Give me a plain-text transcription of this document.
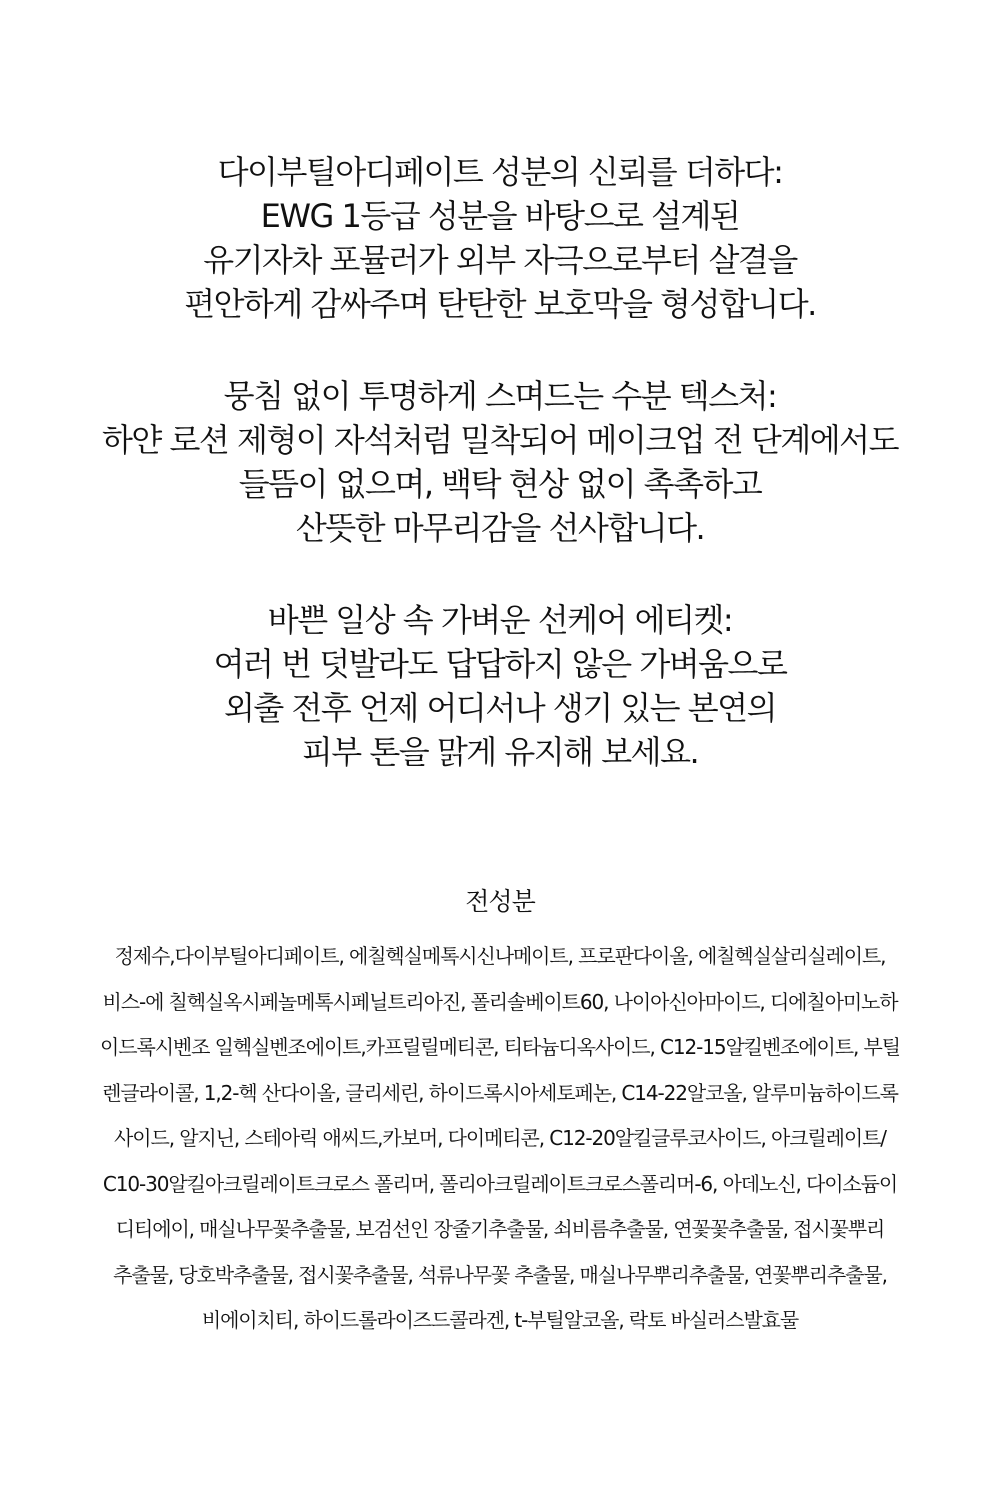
다이부틸아디페이트 성분의 신뢰를 더하다:
EWG 1등급 성분을 바탕으로 설계된
유기자차 포뮬러가 외부 자극으로부터 살결을
편안하게 감싸주며 탄탄한 보호막을 형성합니다.
뭉침 없이 투명하게 스며드는 수분 텍스처:
하얀 로션 제형이 자석처럼 밀착되어 메이크업 전 단계에서도
들뜸이 없으며, 백탁 현상 없이 촉촉하고
산뜻한 마무리감을 선사합니다.
바쁜 일상 속 가벼운 선케어 에티켓:
여러 번 덧발라도 답답하지 않은 가벼움으로
외출 전후 언제 어디서나 생기 있는 본연의
피부 톤을 맑게 유지해 보세요.
전성분
정제수,다이부틸아디페이트, 에칠헥실메톡시신나메이트, 프로판다이올, 에칠헥실살리실레이트,
비스-에 칠헥실옥시페놀메톡시페닐트리아진, 폴리솔베이트60, 나이아신아마이드, 디에칠아미노하
이드록시벤조 일헥실벤조에이트,카프릴릴메티콘, 티타늄디옥사이드, C12-15알킬벤조에이트, 부틸
렌글라이콜, 1,2-헥 산다이올, 글리세린, 하이드록시아세토페논, C14-22알코올, 알루미늄하이드록
사이드, 알지닌, 스테아릭 애씨드,카보머, 다이메티콘, C12-20알킬글루코사이드, 아크릴레이트/
C10-30알킬아크릴레이트크로스 폴리머, 폴리아크릴레이트크로스폴리머-6, 아데노신, 다이소듐이
디티에이, 매실나무꽃추출물, 보검선인 장줄기추출물, 쇠비름추출물, 연꽃꽃추출물, 접시꽃뿌리
추출물, 당호박추출물, 접시꽃추출물, 석류나무꽃 추출물, 매실나무뿌리추출물, 연꽃뿌리추출물,
비에이치티, 하이드롤라이즈드콜라겐, t-부틸알코올, 락토 바실러스발효물
